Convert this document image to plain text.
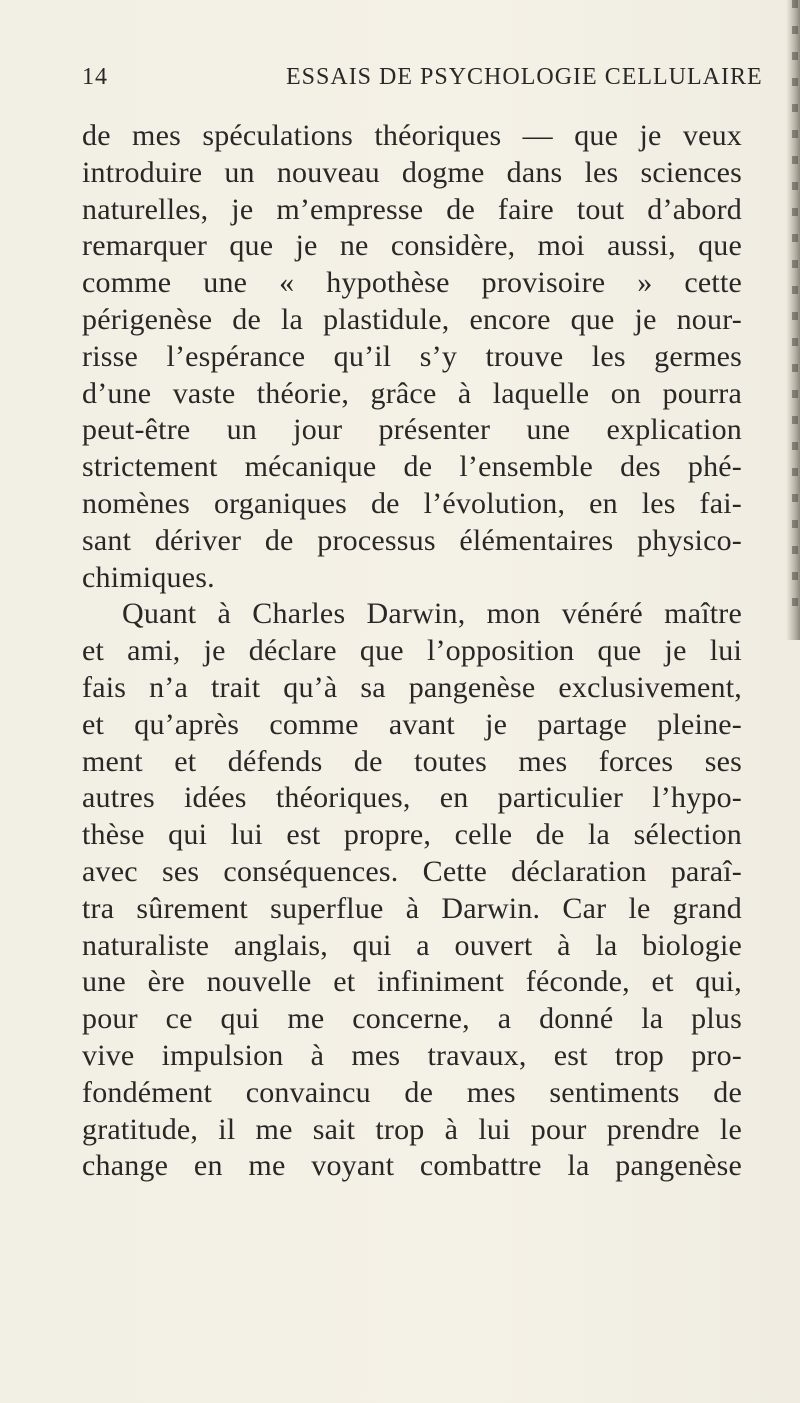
14	ESSAIS DE PSYCHOLOGIE CELLULAIRE
de mes spéculations théoriques — que je veux
introduire un nouveau dogme dans les sciences
naturelles, je m’empresse de faire tout d’abord
remarquer que je ne considère, moi aussi, que
comme une « hypothèse provisoire » cette
périgenèse de la plastidule, encore que je nour-
risse l’espérance qu’il s’y trouve les germes
d’une vaste théorie, grâce à laquelle on pourra
peut-être un jour présenter une explication
strictement mécanique de l’ensemble des phé-
nomènes organiques de l’évolution, en les fai-
sant dériver de processus élémentaires physico-
chimiques.
Quant à Charles Darwin, mon vénéré maître
et ami, je déclare que l’opposition que je lui
fais n’a trait qu’à sa pangenèse exclusivement,
et qu’après comme avant je partage pleine-
ment et défends de toutes mes forces ses
autres idées théoriques, en particulier l’hypo-
thèse qui lui est propre, celle de la sélection
avec ses conséquences. Cette déclaration paraî-
tra sûrement superflue à Darwin. Car le grand
naturaliste anglais, qui a ouvert à la biologie
une ère nouvelle et infiniment féconde, et qui,
pour ce qui me concerne, a donné la plus
vive impulsion à mes travaux, est trop pro-
fondément convaincu de mes sentiments de
gratitude, il me sait trop à lui pour prendre le
change en me voyant combattre la pangenèse
